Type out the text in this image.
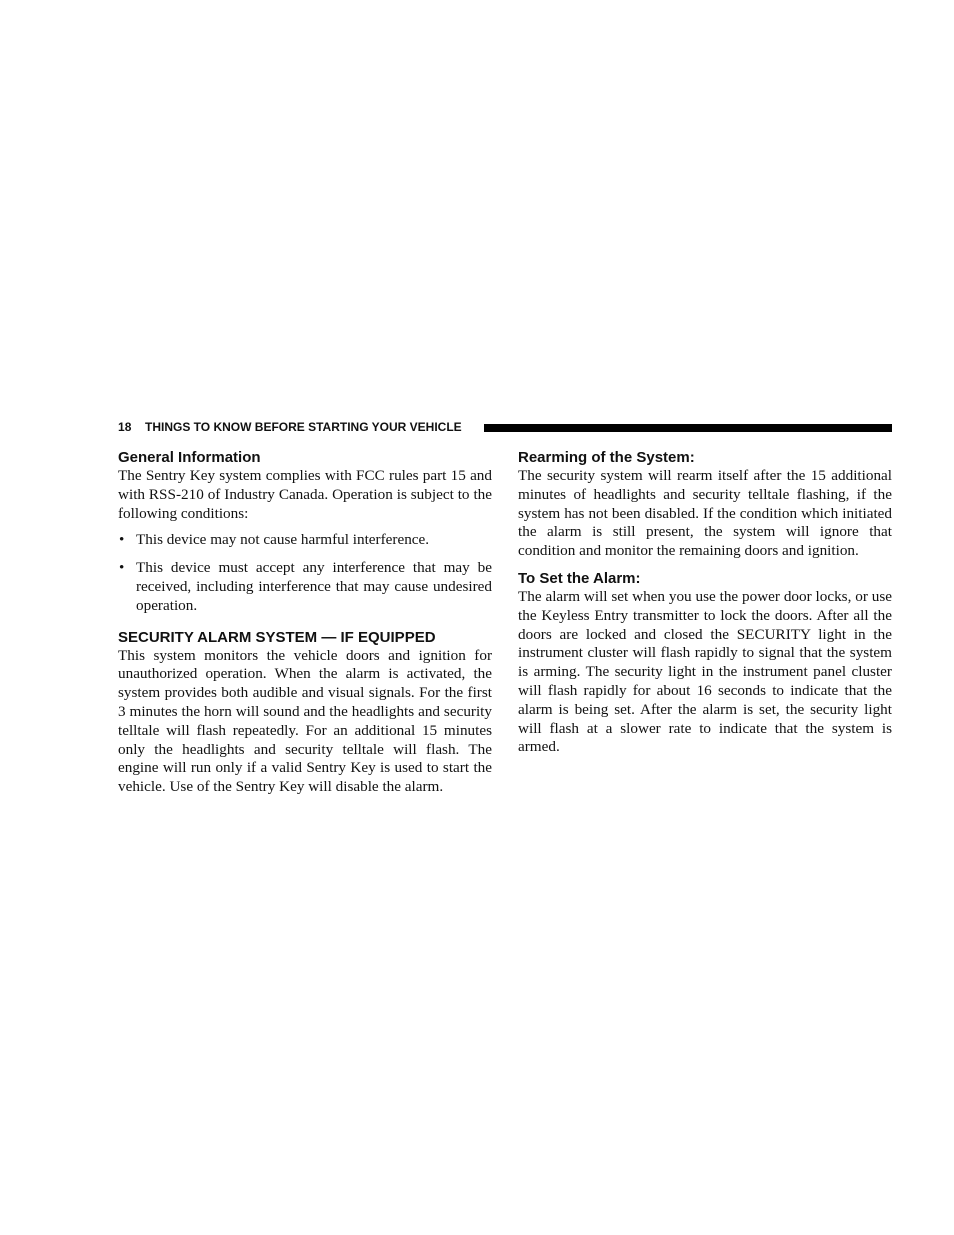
18 THINGS TO KNOW BEFORE STARTING YOUR VEHICLE
General Information

The Sentry Key system complies with FCC rules part 15 and with RSS-210 of Industry Canada. Operation is subject to the following conditions:

• This device may not cause harmful interference.
• This device must accept any interference that may be received, including interference that may cause undesired operation.
SECURITY ALARM SYSTEM — IF EQUIPPED

This system monitors the vehicle doors and ignition for unauthorized operation. When the alarm is activated, the system provides both audible and visual signals. For the first 3 minutes the horn will sound and the headlights and security telltale will flash repeatedly. For an additional 15 minutes only the headlights and security telltale will flash. The engine will run only if a valid Sentry Key is used to start the vehicle. Use of the Sentry Key will disable the alarm.

Rearming of the System:

The security system will rearm itself after the 15 additional minutes of headlights and security telltale flashing, if the system has not been disabled. If the condition which initiated the alarm is still present, the system will ignore that condition and monitor the remaining doors and ignition.

To Set the Alarm:

The alarm will set when you use the power door locks, or use the Keyless Entry transmitter to lock the doors. After all the doors are locked and closed the SECURITY light in the instrument cluster will flash rapidly to signal that the system is arming. The security light in the instrument panel cluster will flash rapidly for about 16 seconds to indicate that the alarm is being set. After the alarm is set, the security light will flash at a slower rate to indicate that the system is armed.
